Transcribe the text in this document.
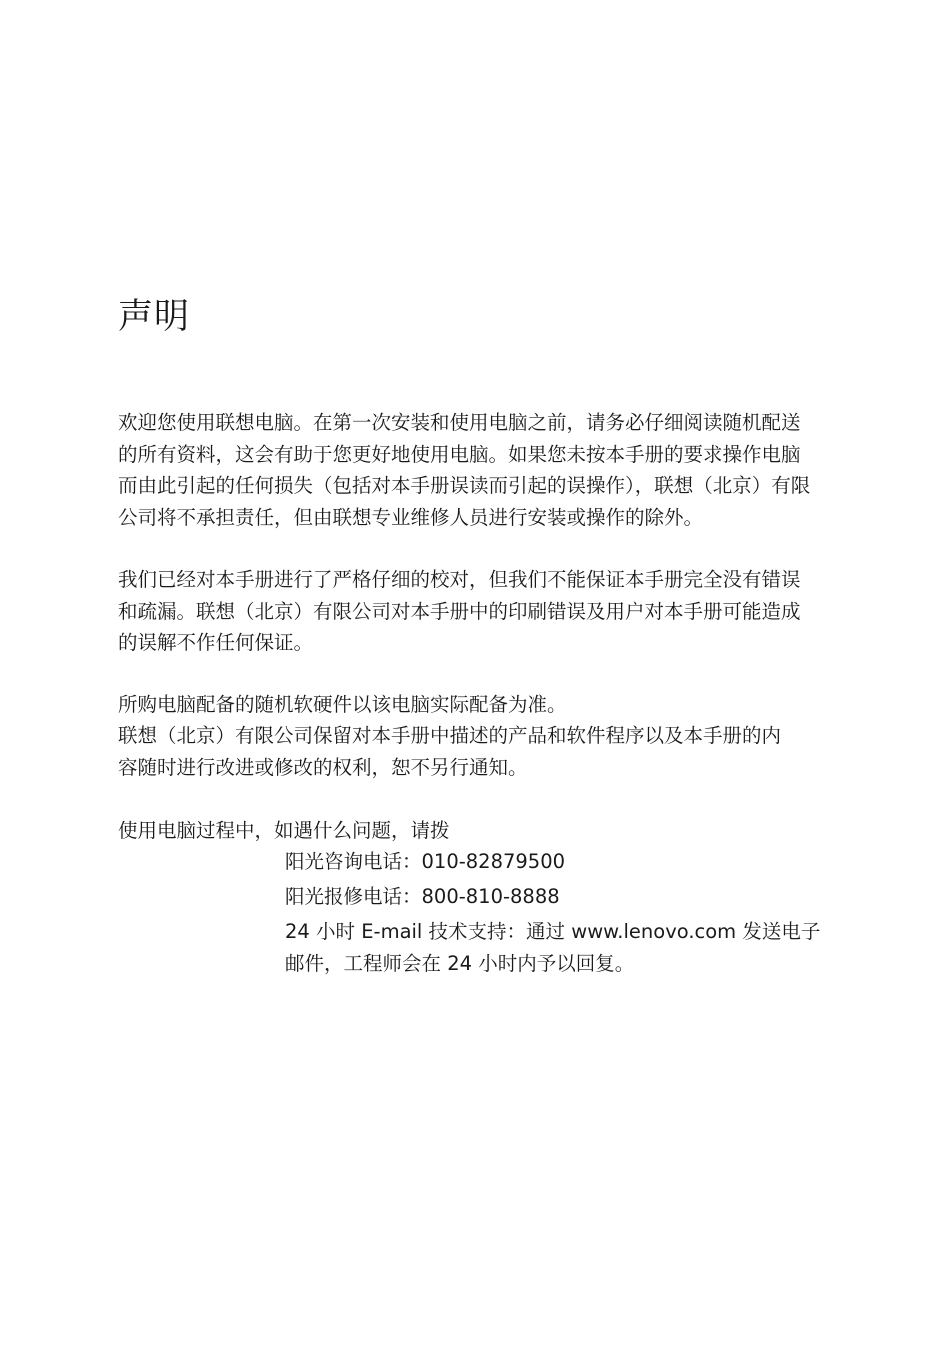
声明

欢迎您使用联想电脑。在第一次安装和使用电脑之前，请务必仔细阅读随机配送
的所有资料，这会有助于您更好地使用电脑。如果您未按本手册的要求操作电脑
而由此引起的任何损失（包括对本手册误读而引起的误操作），联想（北京）有限
公司将不承担责任，但由联想专业维修人员进行安装或操作的除外。

我们已经对本手册进行了严格仔细的校对，但我们不能保证本手册完全没有错误
和疏漏。联想（北京）有限公司对本手册中的印刷错误及用户对本手册可能造成
的误解不作任何保证。

所购电脑配备的随机软硬件以该电脑实际配备为准。

联想（北京）有限公司保留对本手册中描述的产品和软件程序以及本手册的内
容随时进行改进或修改的权利，恕不另行通知。

使用电脑过程中，如遇什么问题，请拨
阳光咨询电话：010-82879500
阳光报修电话：800-810-8888
24 小时 E-mail 技术支持：通过 www.lenovo.com 发送电子
邮件，工程师会在 24 小时内予以回复。
